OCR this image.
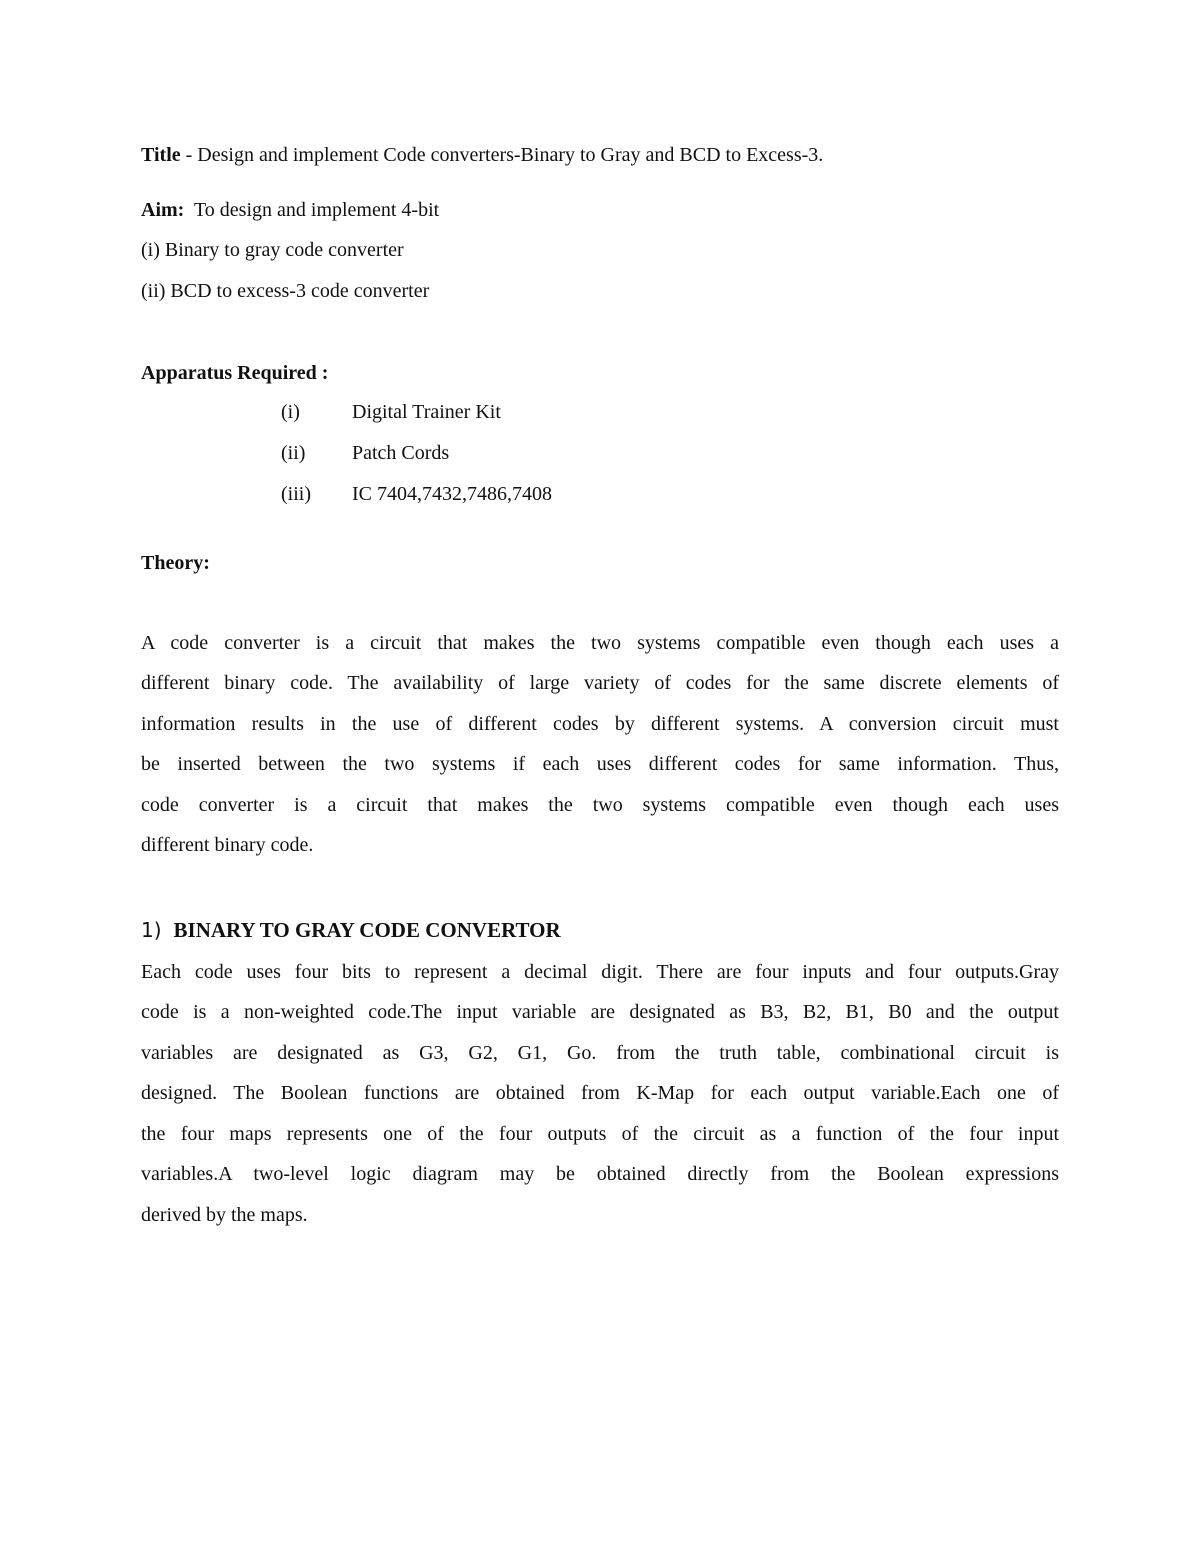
Title - Design and implement Code converters-Binary to Gray and BCD to Excess-3.
Aim:  To design and implement 4-bit
(i) Binary to gray code converter
(ii) BCD to excess-3 code converter
Apparatus Required :
(i)	Digital Trainer Kit
(ii) Patch Cords
(iii) IC 7404,7432,7486,7408
Theory:
A code converter is a circuit that makes the two systems compatible even though each uses a
different binary code. The availability of large variety of codes for the same discrete elements of
information results in the use of different codes by different systems. A conversion circuit must
be inserted between the two systems if each uses different codes for same information. Thus,
code converter is a circuit that makes the two systems compatible even though each uses
different binary code.
1) BINARY TO GRAY CODE CONVERTOR
Each code uses four bits to represent a decimal digit. There are four inputs and four outputs.Gray
code is a non-weighted code.The input variable are designated as B3, B2, B1, B0 and the output
variables are designated as G3, G2, G1, Go. from the truth table, combinational circuit is
designed. The Boolean functions are obtained from K-Map for each output variable.Each one of
the four maps represents one of the four outputs of the circuit as a function of the four input
variables.A two-level logic diagram may be obtained directly from the Boolean expressions
derived by the maps.
